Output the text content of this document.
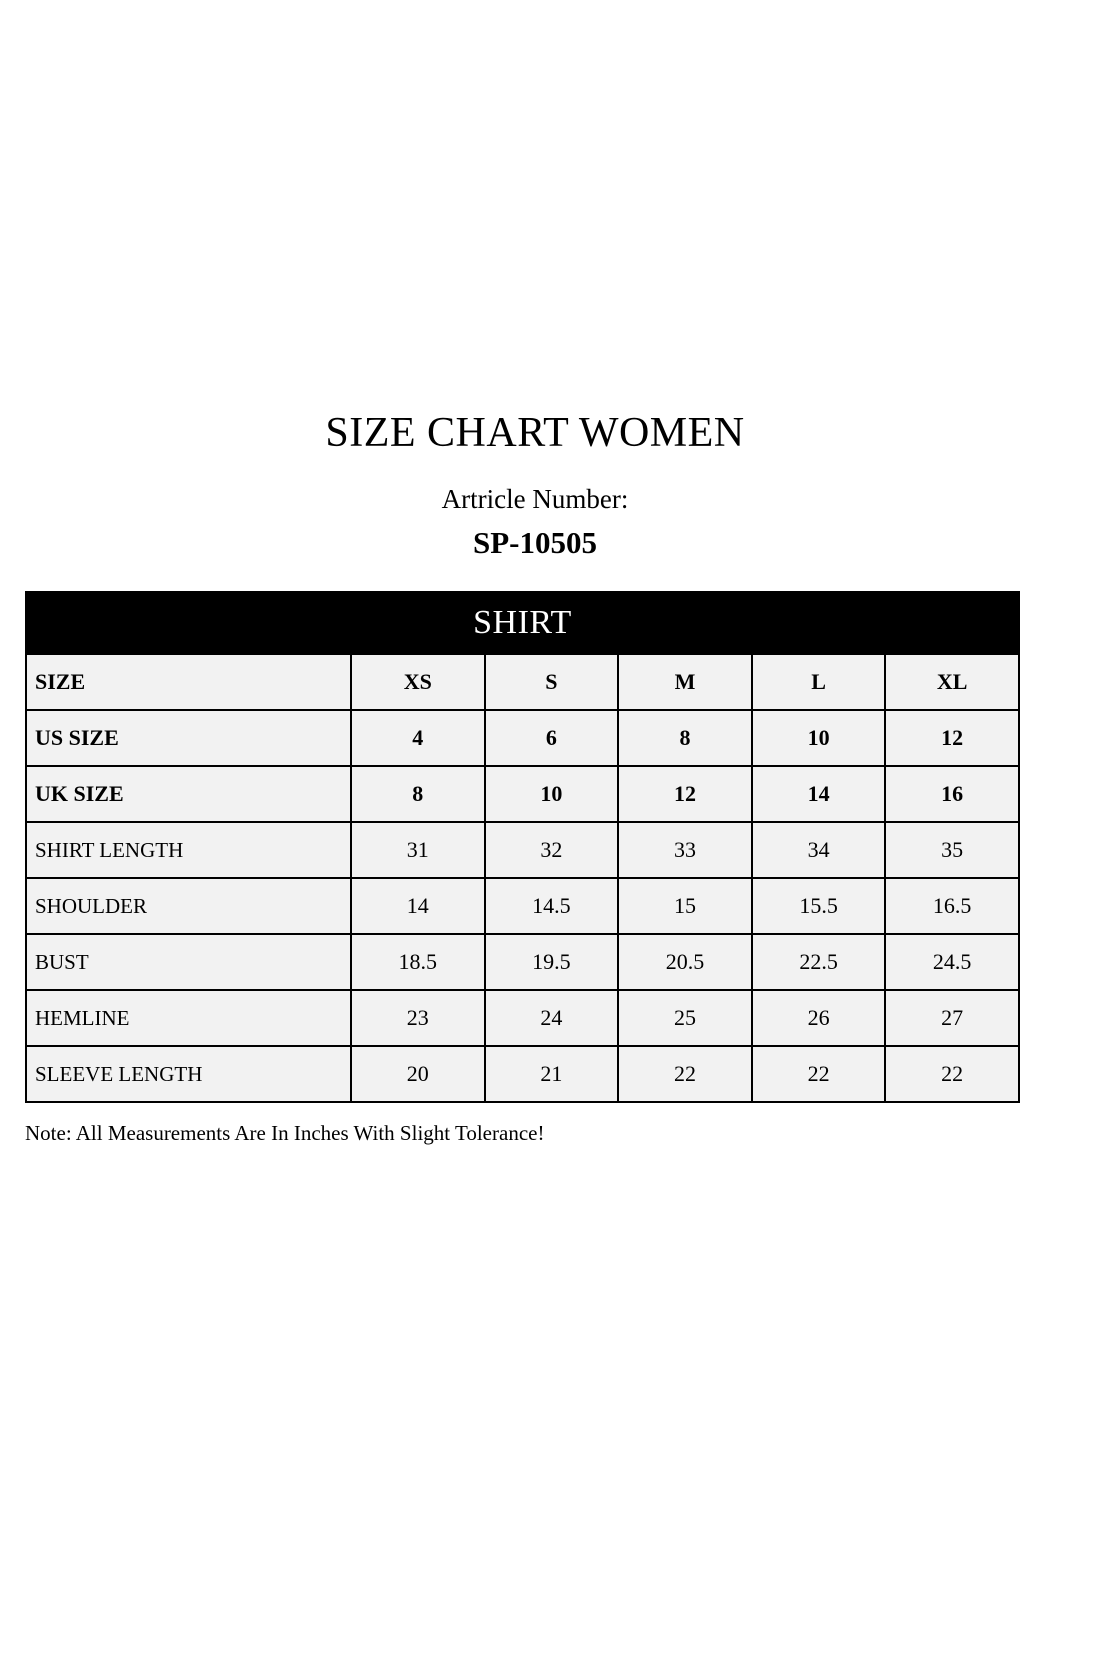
SIZE CHART WOMEN
Artricle Number:
SP-10505
SHIRT					
SIZE	XS	S	M	L	XL
US SIZE	4	6	8	10	12
UK SIZE	8	10	12	14	16
SHIRT LENGTH	31	32	33	34	35
SHOULDER	14	14.5	15	15.5	16.5
BUST	18.5	19.5	20.5	22.5	24.5
HEMLINE	23	24	25	26	27
SLEEVE LENGTH	20	21	22	22	22
Note: All Measurements Are In Inches With Slight Tolerance!
